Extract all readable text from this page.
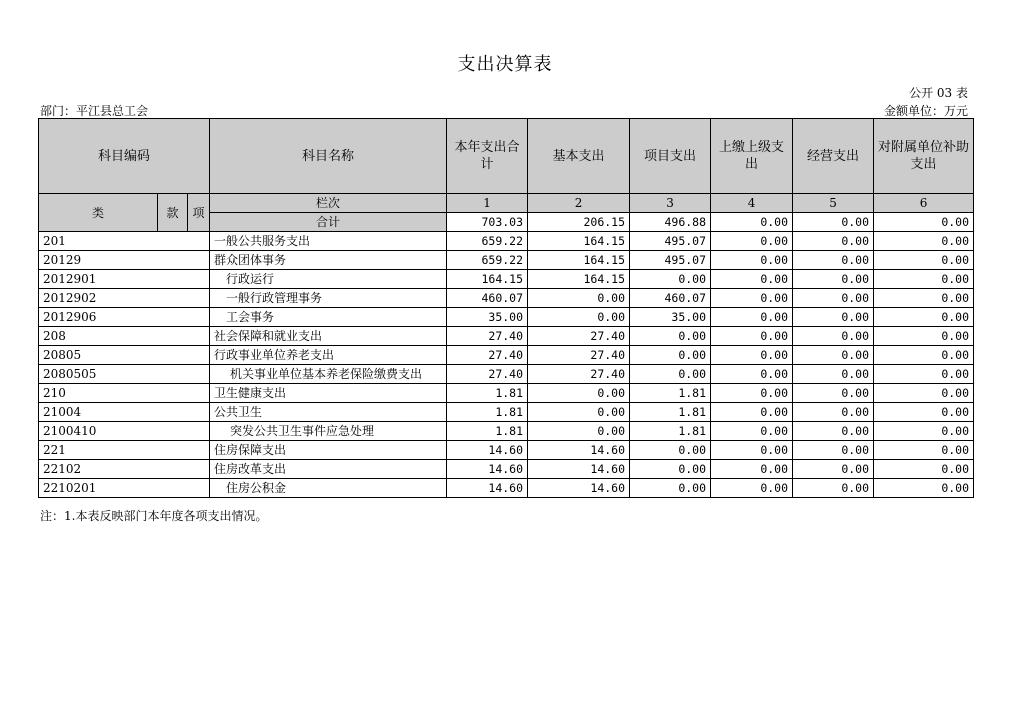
支出决算表
公开 03 表
部门：平江县总工会	金额单位：万元
科目编码			科目名称	本年支出合计	基本支出	项目支出	上缴上级支出	经营支出	对附属单位补助支出
类	款	项	栏次	1	2	3	4	5	6
			合计	703.03	206.15	496.88	0.00	0.00	0.00
201			一般公共服务支出	659.22	164.15	495.07	0.00	0.00	0.00
20129			群众团体事务	659.22	164.15	495.07	0.00	0.00	0.00
2012901			行政运行	164.15	164.15	0.00	0.00	0.00	0.00
2012902			一般行政管理事务	460.07	0.00	460.07	0.00	0.00	0.00
2012906			工会事务	35.00	0.00	35.00	0.00	0.00	0.00
208			社会保障和就业支出	27.40	27.40	0.00	0.00	0.00	0.00
20805			行政事业单位养老支出	27.40	27.40	0.00	0.00	0.00	0.00
2080505			机关事业单位基本养老保险缴费支出	27.40	27.40	0.00	0.00	0.00	0.00
210			卫生健康支出	1.81	0.00	1.81	0.00	0.00	0.00
21004			公共卫生	1.81	0.00	1.81	0.00	0.00	0.00
2100410			突发公共卫生事件应急处理	1.81	0.00	1.81	0.00	0.00	0.00
221			住房保障支出	14.60	14.60	0.00	0.00	0.00	0.00
22102			住房改革支出	14.60	14.60	0.00	0.00	0.00	0.00
2210201			住房公积金	14.60	14.60	0.00	0.00	0.00	0.00
注：1.本表反映部门本年度各项支出情况。
